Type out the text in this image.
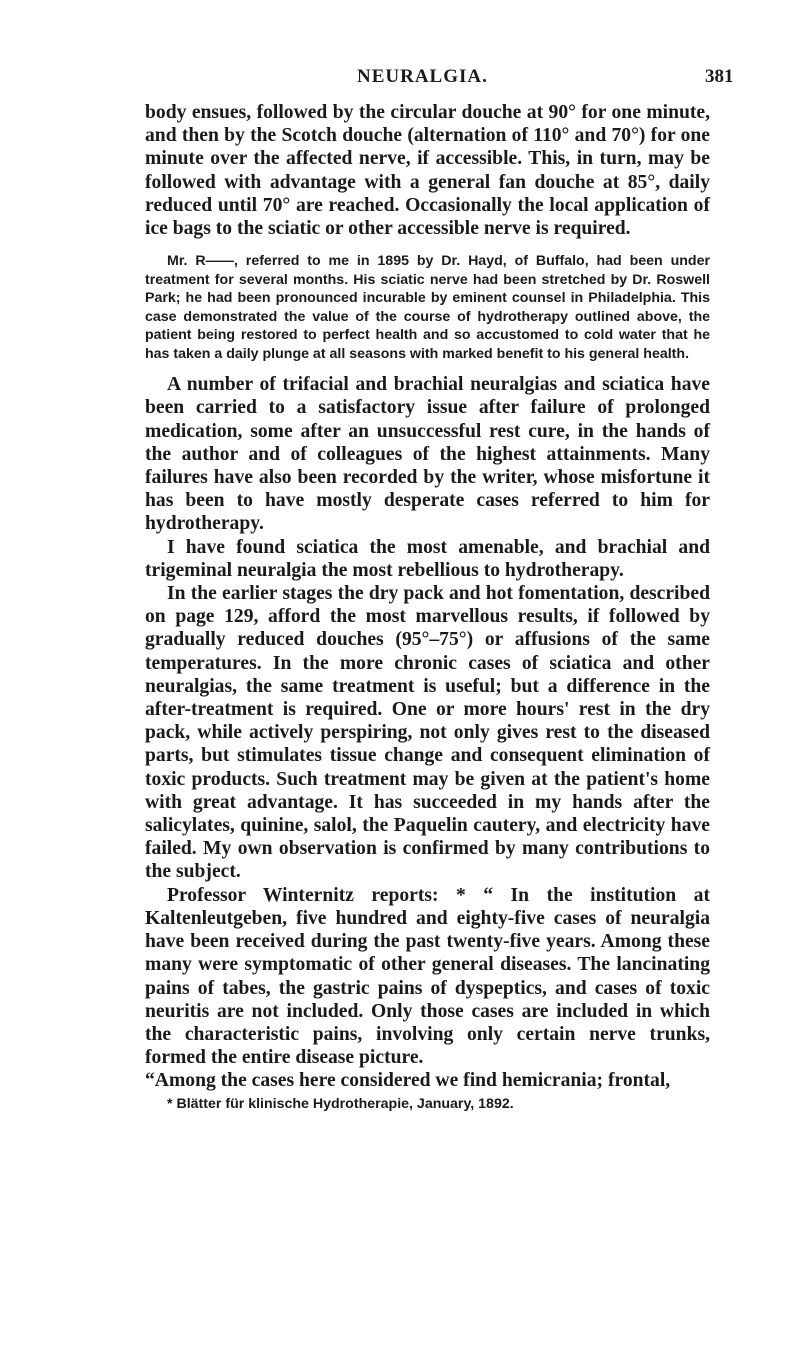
NEURALGIA.	381

body ensues, followed by the circular douche at 90° for one minute, and then by the Scotch douche (alternation of 110° and 70°) for one minute over the affected nerve, if accessible. This, in turn, may be followed with advantage with a general fan douche at 85°, daily reduced until 70° are reached. Occasionally the local application of ice bags to the sciatic or other accessible nerve is required.

Mr. R——, referred to me in 1895 by Dr. Hayd, of Buffalo, had been under treatment for several months. His sciatic nerve had been stretched by Dr. Roswell Park; he had been pronounced incurable by eminent counsel in Philadelphia. This case demonstrated the value of the course of hydrotherapy outlined above, the patient being restored to perfect health and so accustomed to cold water that he has taken a daily plunge at all seasons with marked benefit to his general health.

A number of trifacial and brachial neuralgias and sciatica have been carried to a satisfactory issue after failure of prolonged medication, some after an unsuccessful rest cure, in the hands of the author and of colleagues of the highest attainments. Many failures have also been recorded by the writer, whose misfortune it has been to have mostly desperate cases referred to him for hydrotherapy.

I have found sciatica the most amenable, and brachial and trigeminal neuralgia the most rebellious to hydrotherapy.

In the earlier stages the dry pack and hot fomentation, described on page 129, afford the most marvellous results, if followed by gradually reduced douches (95°–75°) or affusions of the same temperatures. In the more chronic cases of sciatica and other neuralgias, the same treatment is useful; but a difference in the after-treatment is required. One or more hours' rest in the dry pack, while actively perspiring, not only gives rest to the diseased parts, but stimulates tissue change and consequent elimination of toxic products. Such treatment may be given at the patient's home with great advantage. It has succeeded in my hands after the salicylates, quinine, salol, the Paquelin cautery, and electricity have failed. My own observation is confirmed by many contributions to the subject.

Professor Winternitz reports: * “ In the institution at Kaltenleutgeben, five hundred and eighty-five cases of neuralgia have been received during the past twenty-five years. Among these many were symptomatic of other general diseases. The lancinating pains of tabes, the gastric pains of dyspeptics, and cases of toxic neuritis are not included. Only those cases are included in which the characteristic pains, involving only certain nerve trunks, formed the entire disease picture.

“Among the cases here considered we find hemicrania; frontal,

* Blätter für klinische Hydrotherapie, January, 1892.
